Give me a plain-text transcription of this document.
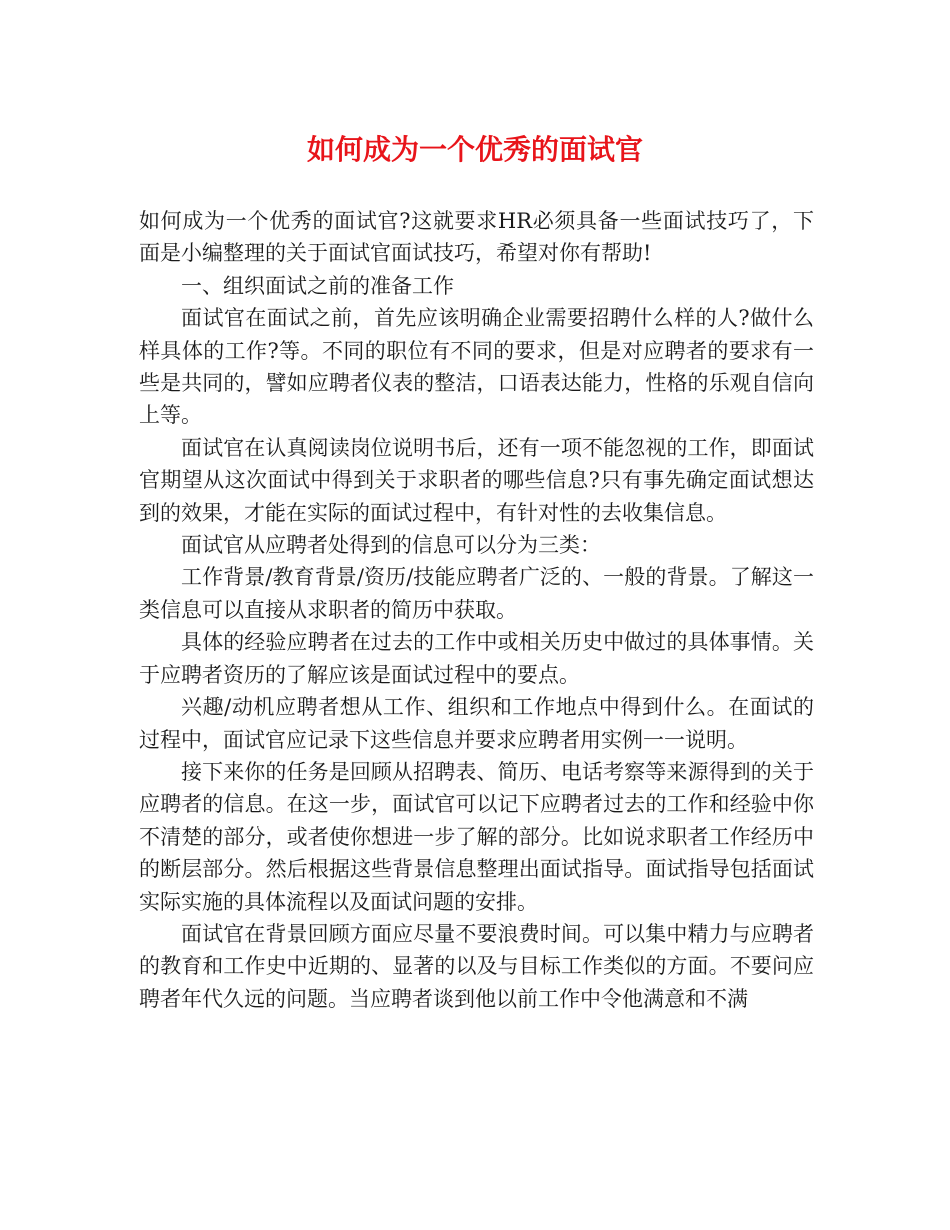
如何成为一个优秀的面试官

如何成为一个优秀的面试官?这就要求HR必须具备一些面试技巧了，下面是小编整理的关于面试官面试技巧，希望对你有帮助!

一、组织面试之前的准备工作

面试官在面试之前，首先应该明确企业需要招聘什么样的人?做什么样具体的工作?等。不同的职位有不同的要求，但是对应聘者的要求有一些是共同的，譬如应聘者仪表的整洁，口语表达能力，性格的乐观自信向上等。

面试官在认真阅读岗位说明书后，还有一项不能忽视的工作，即面试官期望从这次面试中得到关于求职者的哪些信息?只有事先确定面试想达到的效果，才能在实际的面试过程中，有针对性的去收集信息。

面试官从应聘者处得到的信息可以分为三类：

工作背景/教育背景/资历/技能应聘者广泛的、一般的背景。了解这一类信息可以直接从求职者的简历中获取。

具体的经验应聘者在过去的工作中或相关历史中做过的具体事情。关于应聘者资历的了解应该是面试过程中的要点。

兴趣/动机应聘者想从工作、组织和工作地点中得到什么。在面试的过程中，面试官应记录下这些信息并要求应聘者用实例一一说明。

接下来你的任务是回顾从招聘表、简历、电话考察等来源得到的关于应聘者的信息。在这一步，面试官可以记下应聘者过去的工作和经验中你不清楚的部分，或者使你想进一步了解的部分。比如说求职者工作经历中的断层部分。然后根据这些背景信息整理出面试指导。面试指导包括面试实际实施的具体流程以及面试问题的安排。

面试官在背景回顾方面应尽量不要浪费时间。可以集中精力与应聘者的教育和工作史中近期的、显著的以及与目标工作类似的方面。不要问应聘者年代久远的问题。当应聘者谈到他以前工作中令他满意和不满
